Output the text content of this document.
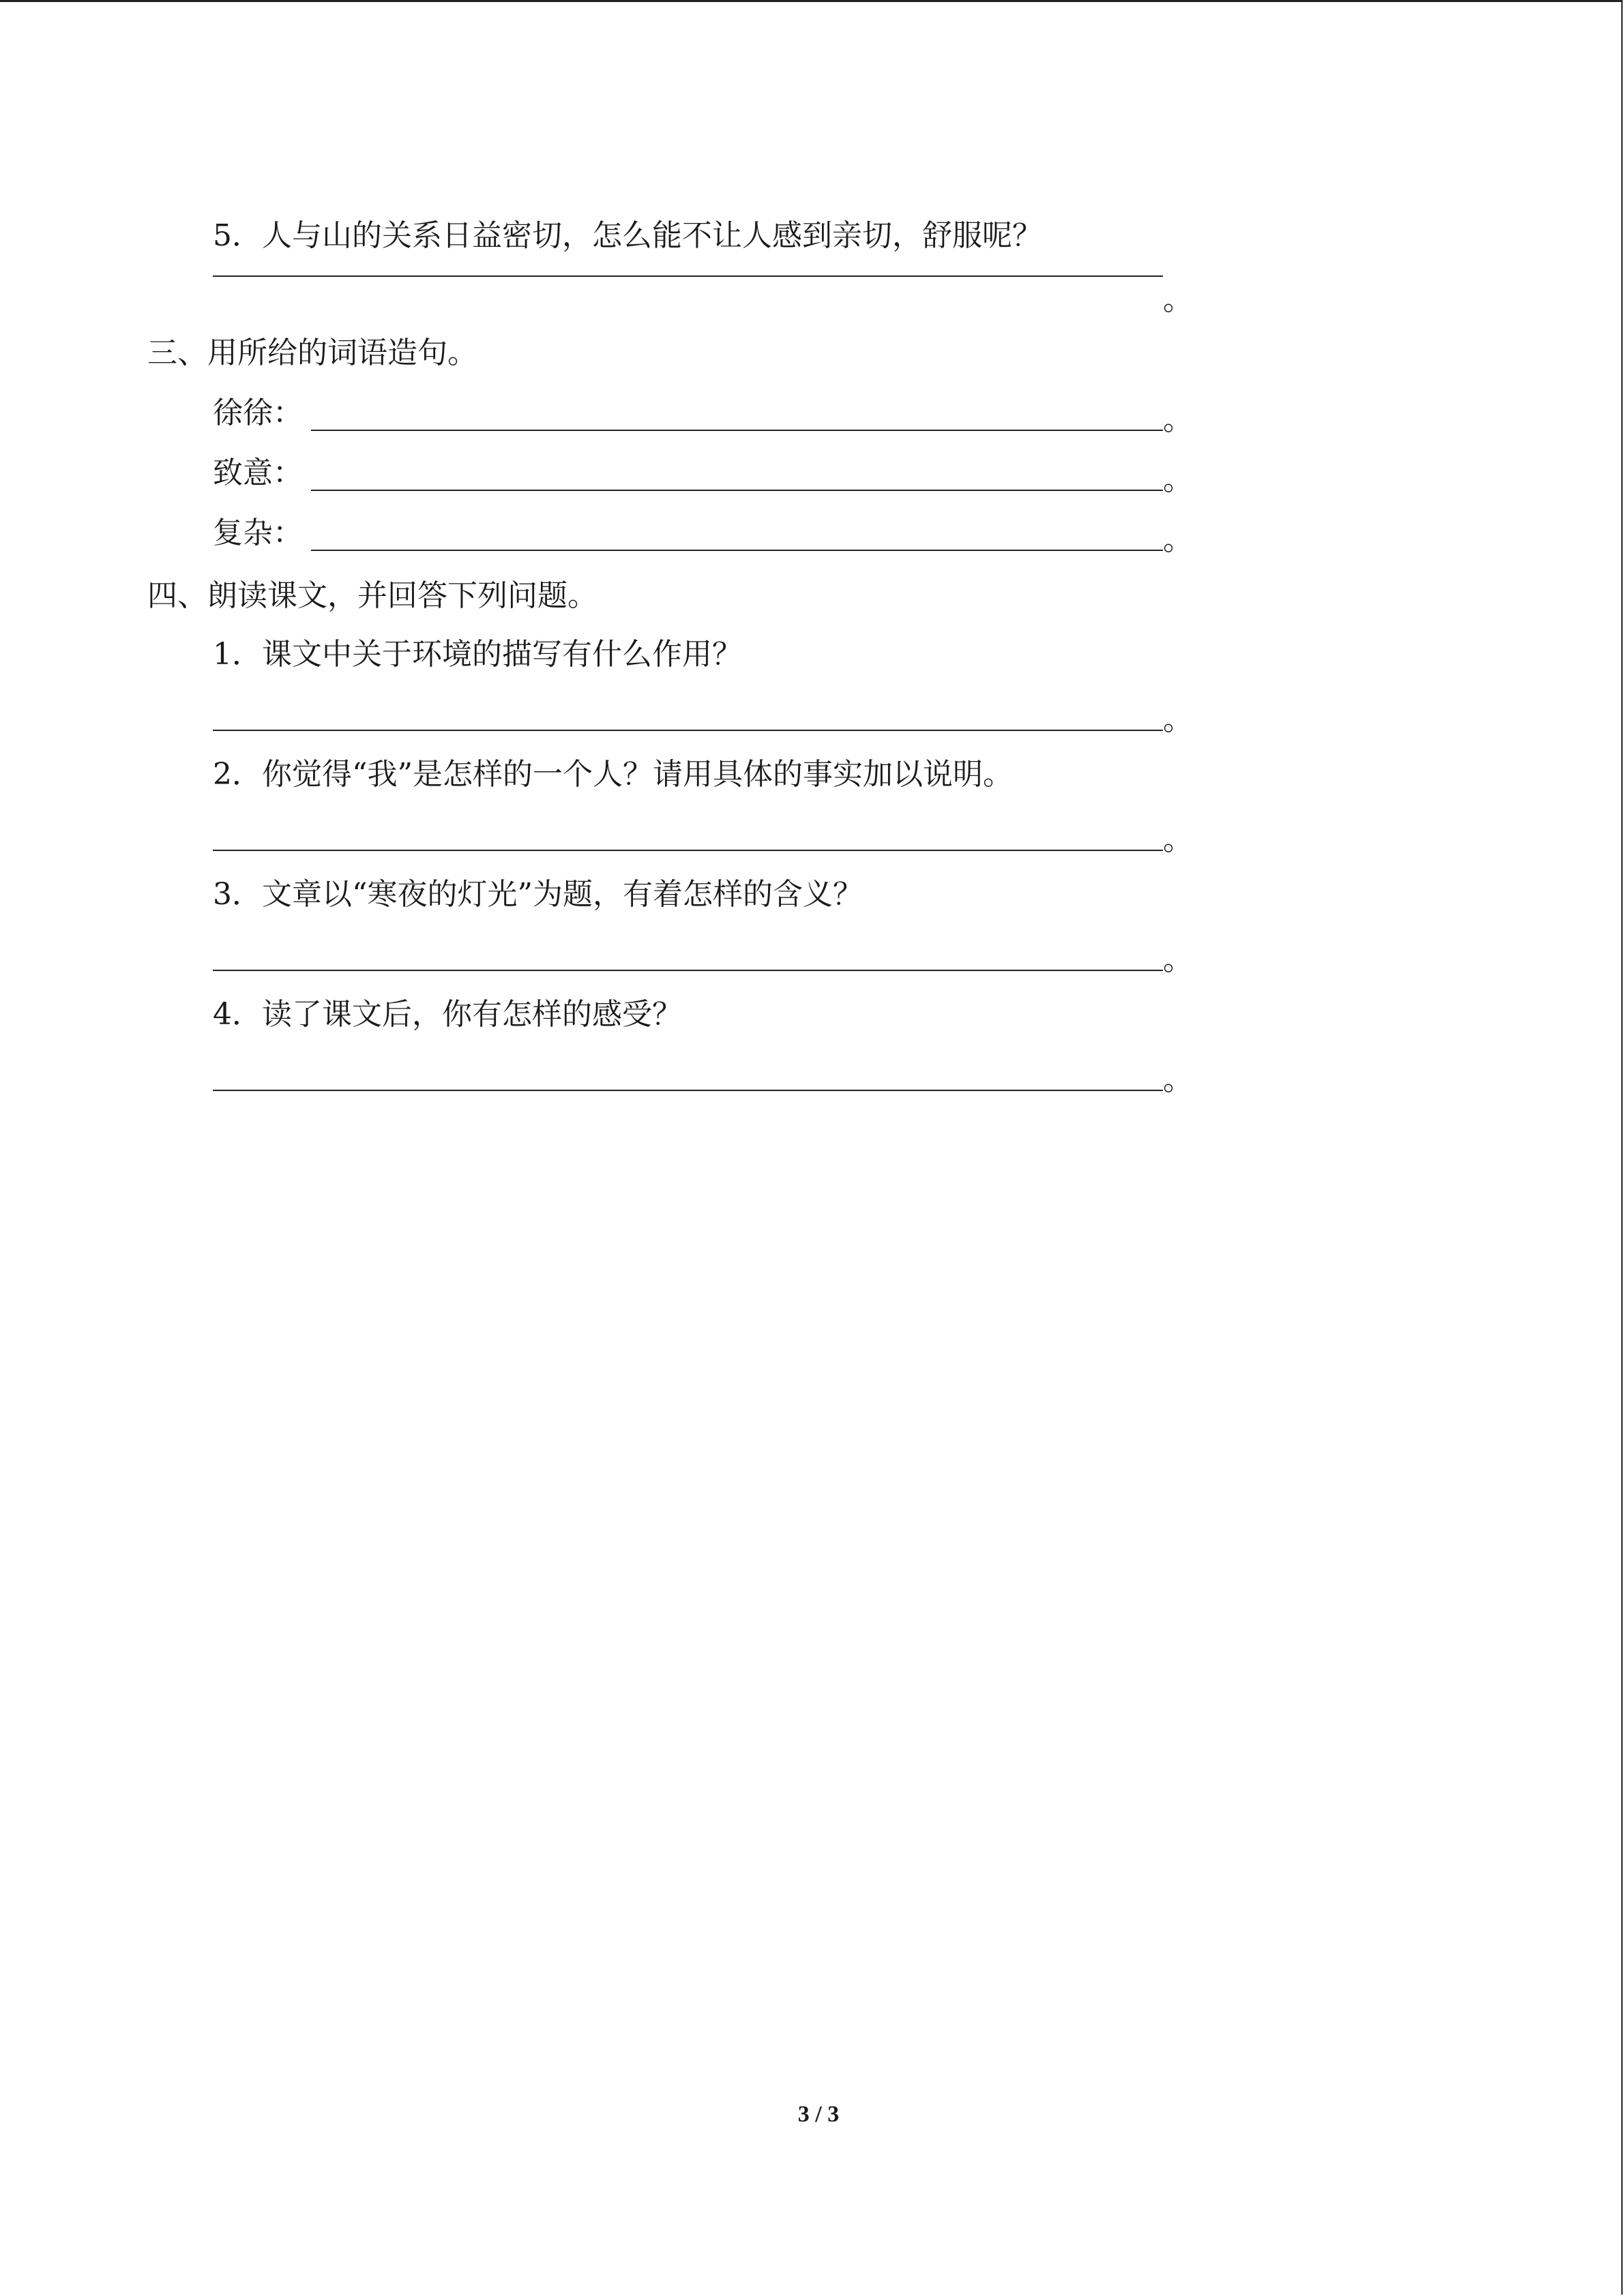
5．人与山的关系日益密切，怎么能不让人感到亲切，舒服呢？
。
三、用所给的词语造句。
徐徐：	。
致意：	。
复杂：	。
四、朗读课文，并回答下列问题。
1．课文中关于环境的描写有什么作用？
。
2．你觉得“我”是怎样的一个人？请用具体的事实加以说明。
。
3．文章以“寒夜的灯光”为题，有着怎样的含义？
。
4．读了课文后，你有怎样的感受？
。
3 / 3
